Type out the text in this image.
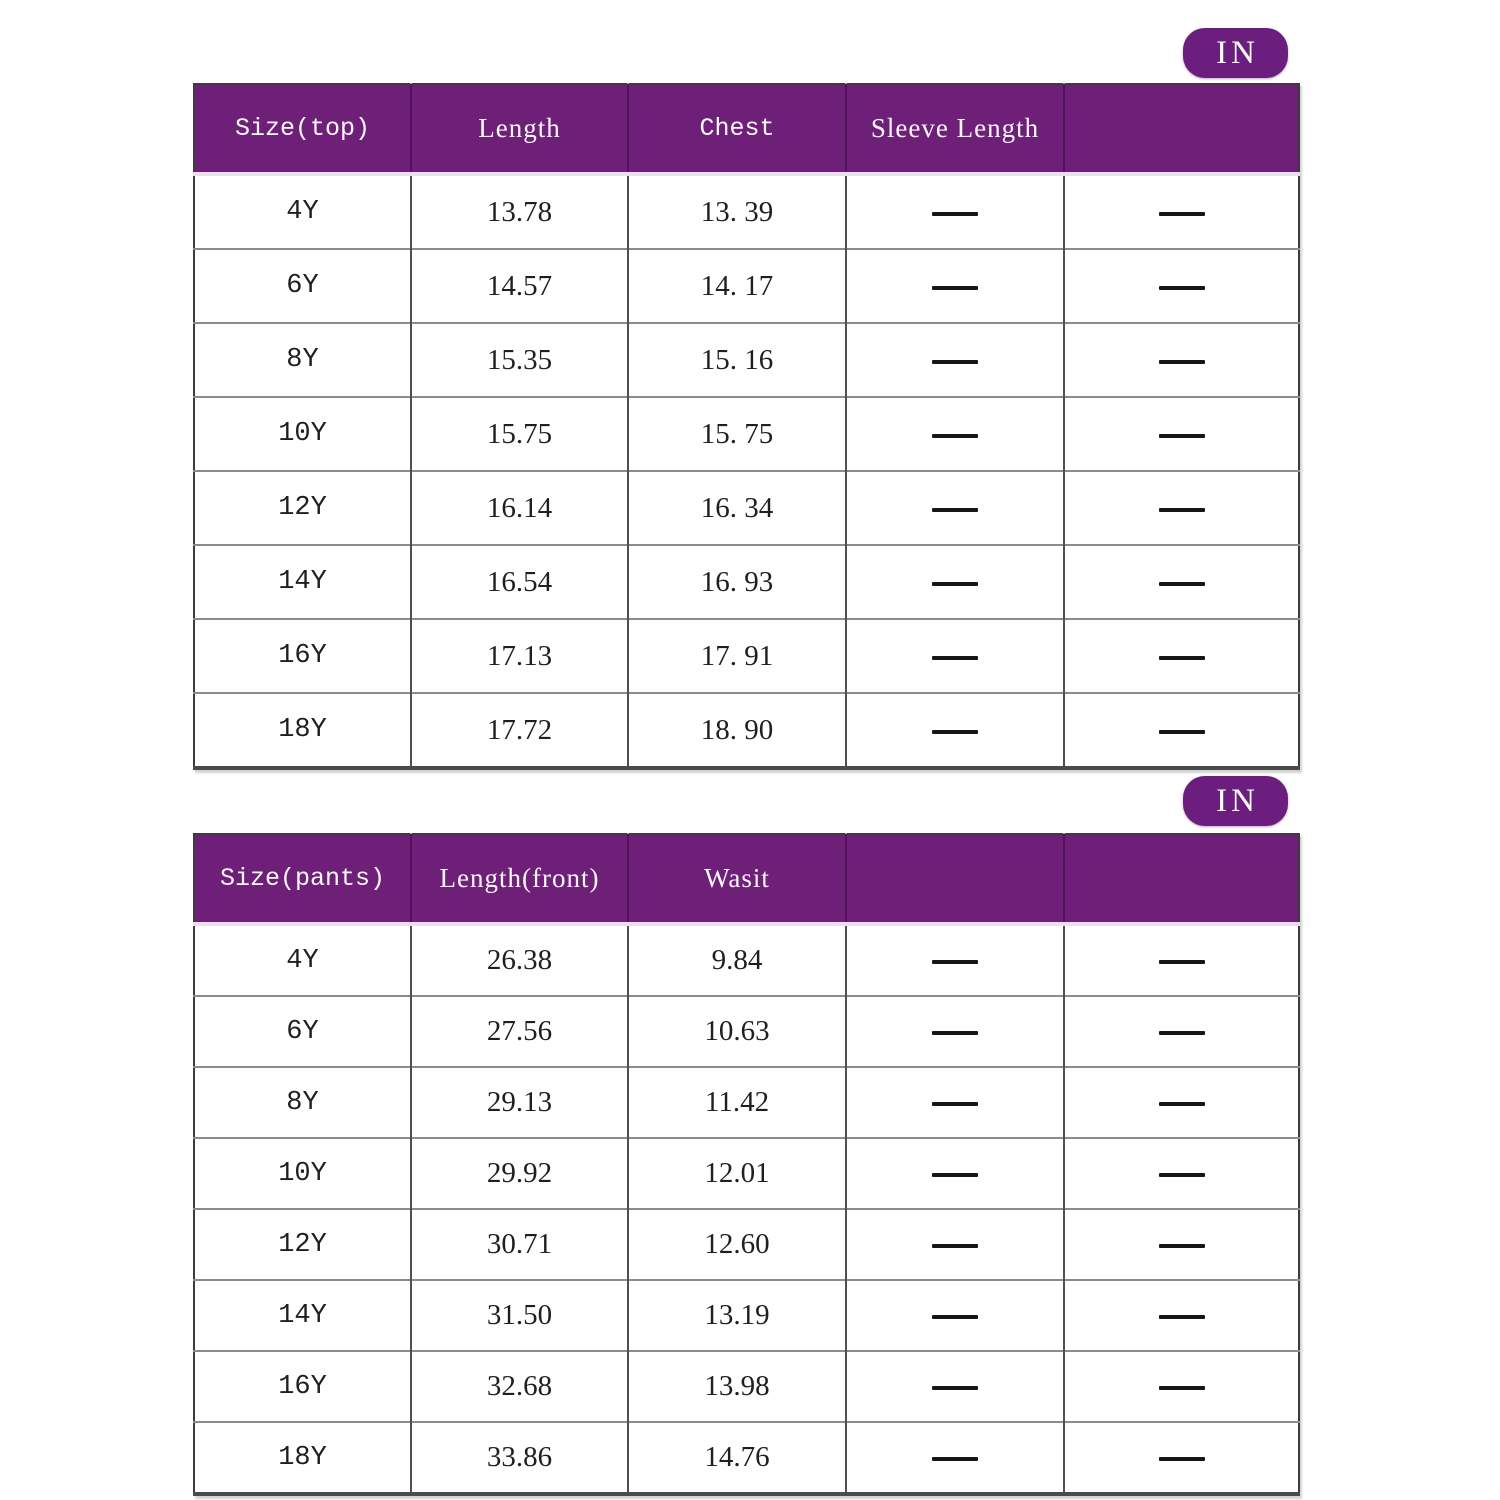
IN
Size(top)	Length	Chest	Sleeve Length	
4Y	13.78	13. 39		
6Y	14.57	14. 17		
8Y	15.35	15. 16		
10Y	15.75	15. 75		
12Y	16.14	16. 34		
14Y	16.54	16. 93		
16Y	17.13	17. 91		
18Y	17.72	18. 90		
IN
Size(pants)	Length(front)	Wasit		
4Y	26.38	9.84		
6Y	27.56	10.63		
8Y	29.13	11.42		
10Y	29.92	12.01		
12Y	30.71	12.60		
14Y	31.50	13.19		
16Y	32.68	13.98		
18Y	33.86	14.76		
